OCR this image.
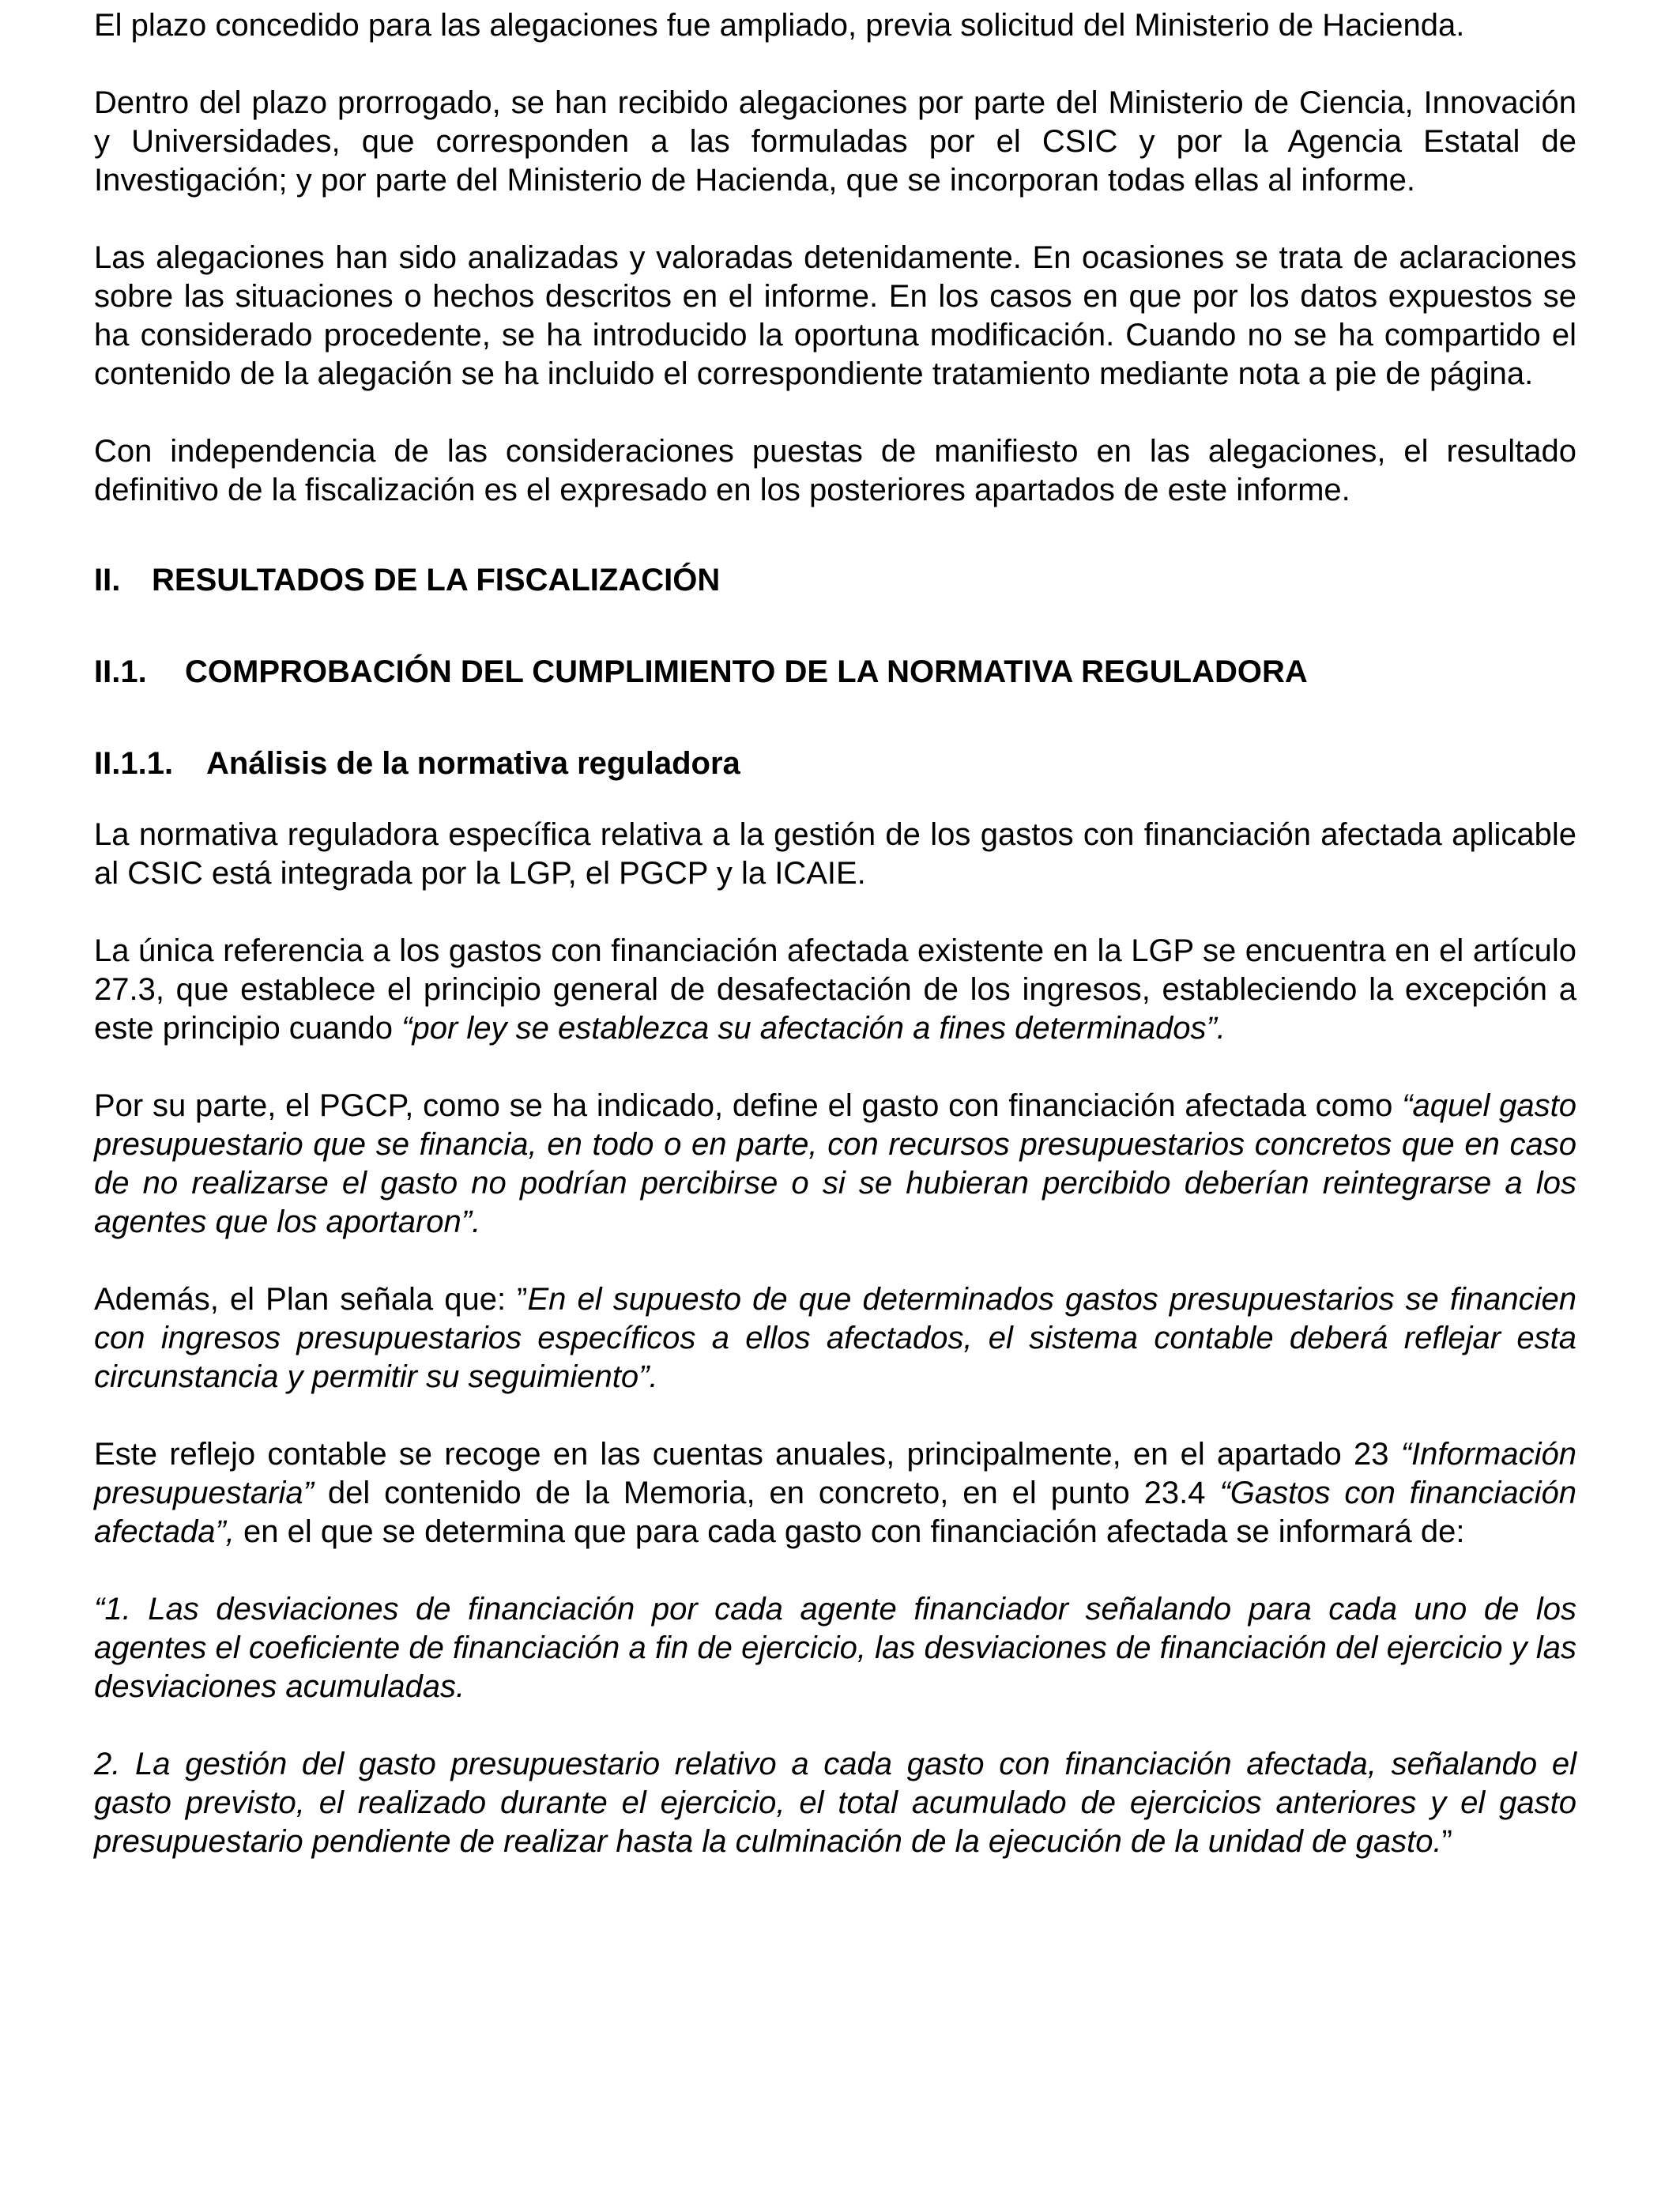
El plazo concedido para las alegaciones fue ampliado, previa solicitud del Ministerio de Hacienda.

Dentro del plazo prorrogado, se han recibido alegaciones por parte del Ministerio de Ciencia, Innovación y Universidades, que corresponden a las formuladas por el CSIC y por la Agencia Estatal de Investigación; y por parte del Ministerio de Hacienda, que se incorporan todas ellas al informe.

Las alegaciones han sido analizadas y valoradas detenidamente. En ocasiones se trata de aclaraciones sobre las situaciones o hechos descritos en el informe. En los casos en que por los datos expuestos se ha considerado procedente, se ha introducido la oportuna modificación. Cuando no se ha compartido el contenido de la alegación se ha incluido el correspondiente tratamiento mediante nota a pie de página.

Con independencia de las consideraciones puestas de manifiesto en las alegaciones, el resultado definitivo de la fiscalización es el expresado en los posteriores apartados de este informe.

II. RESULTADOS DE LA FISCALIZACIÓN
II.1. COMPROBACIÓN DEL CUMPLIMIENTO DE LA NORMATIVA REGULADORA
II.1.1. Análisis de la normativa reguladora

La normativa reguladora específica relativa a la gestión de los gastos con financiación afectada aplicable al CSIC está integrada por la LGP, el PGCP y la ICAIE.

La única referencia a los gastos con financiación afectada existente en la LGP se encuentra en el artículo 27.3, que establece el principio general de desafectación de los ingresos, estableciendo la excepción a este principio cuando “por ley se establezca su afectación a fines determinados”.

Por su parte, el PGCP, como se ha indicado, define el gasto con financiación afectada como “aquel gasto presupuestario que se financia, en todo o en parte, con recursos presupuestarios concretos que en caso de no realizarse el gasto no podrían percibirse o si se hubieran percibido deberían reintegrarse a los agentes que los aportaron”.

Además, el Plan señala que: ”En el supuesto de que determinados gastos presupuestarios se financien con ingresos presupuestarios específicos a ellos afectados, el sistema contable deberá reflejar esta circunstancia y permitir su seguimiento”.

Este reflejo contable se recoge en las cuentas anuales, principalmente, en el apartado 23 “Información presupuestaria” del contenido de la Memoria, en concreto, en el punto 23.4 “Gastos con financiación afectada”, en el que se determina que para cada gasto con financiación afectada se informará de:

“1. Las desviaciones de financiación por cada agente financiador señalando para cada uno de los agentes el coeficiente de financiación a fin de ejercicio, las desviaciones de financiación del ejercicio y las desviaciones acumuladas.

2. La gestión del gasto presupuestario relativo a cada gasto con financiación afectada, señalando el gasto previsto, el realizado durante el ejercicio, el total acumulado de ejercicios anteriores y el gasto presupuestario pendiente de realizar hasta la culminación de la ejecución de la unidad de gasto.”
